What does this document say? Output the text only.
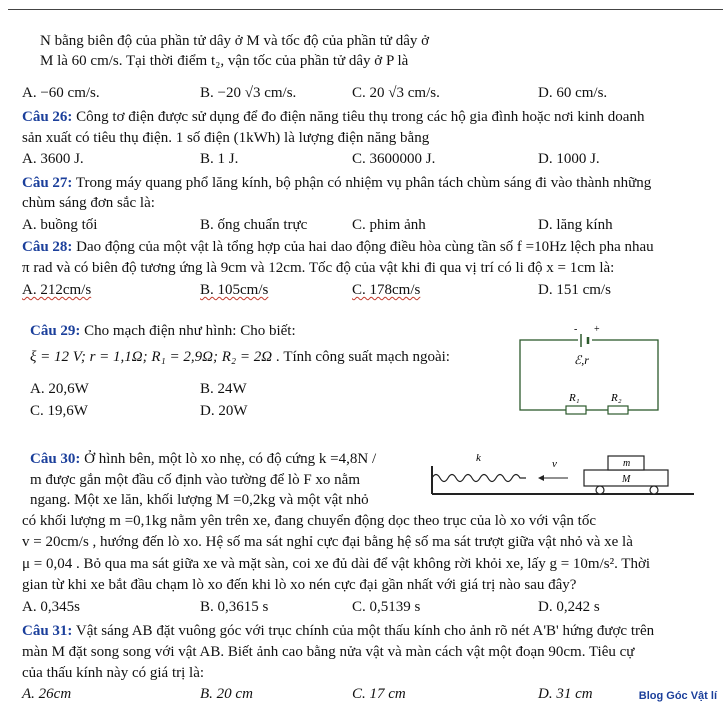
N bằng biên độ của phần tử dây ở M và tốc độ của phần tử dây ở
M là 60 cm/s. Tại thời điểm t₂, vận tốc của phần tử dây ở P là
A. −60 cm/s.	B. −20 √3 cm/s.	C. 20 √3 cm/s.	D. 60 cm/s.
Câu 26: Công tơ điện được sử dụng để đo điện năng tiêu thụ trong các hộ gia đình hoặc nơi kinh doanh
sản xuất có tiêu thụ điện. 1 số điện (1kWh) là lượng điện năng bằng
A. 3600 J.	B. 1 J.	C. 3600000 J.	D. 1000 J.
Câu 27: Trong máy quang phổ lăng kính, bộ phận có nhiệm vụ phân tách chùm sáng đi vào thành những
chùm sáng đơn sắc là:
A. buồng tối	B. ống chuẩn trực	C. phim ảnh	D. lăng kính
Câu 28: Dao động của một vật là tổng hợp của hai dao động điều hòa cùng tần số f =10Hz lệch pha nhau
π rad và có biên độ tương ứng là 9cm và 12cm. Tốc độ của vật khi đi qua vị trí có li độ x = 1cm là:
A. 212cm/s	B. 105cm/s	C. 178cm/s	D. 151 cm/s
Câu 29: Cho mạch điện như hình: Cho biết:
ξ = 12 V; r = 1,1Ω; R₁ = 2,9Ω; R₂ = 2Ω . Tính công suất mạch ngoài:
A. 20,6W	B. 24W
C. 19,6W	D. 20W
- +
ℰ,r
R₁	R₂
Câu 30: Ở hình bên, một lò xo nhẹ, có độ cứng k =4,8N /
m được gắn một đầu cố định vào tường để lò F xo nằm
ngang. Một xe lăn, khối lượng M =0,2kg và một vật nhỏ
có khối lượng m =0,1kg nằm yên trên xe, đang chuyển động dọc theo trục của lò xo với vận tốc
v = 20cm/s , hướng đến lò xo. Hệ số ma sát nghỉ cực đại bằng hệ số ma sát trượt giữa vật nhỏ và xe là
μ = 0,04 . Bỏ qua ma sát giữa xe và mặt sàn, coi xe đủ dài để vật không rời khỏi xe, lấy g = 10m/s². Thời
gian từ khi xe bắt đầu chạm lò xo đến khi lò xo nén cực đại gần nhất với giá trị nào sau đây?
A. 0,345s	B. 0,3615 s	C. 0,5139 s	D. 0,242 s
k	v	m
M
Câu 31: Vật sáng AB đặt vuông góc với trục chính của một thấu kính cho ảnh rõ nét A'B' hứng được trên
màn M đặt song song với vật AB. Biết ảnh cao bằng nửa vật và màn cách vật một đoạn 90cm. Tiêu cự
của thấu kính này có giá trị là:
A. 26cm	B. 20 cm	C. 17 cm	D. 31 cm	Blog Góc Vật lí
